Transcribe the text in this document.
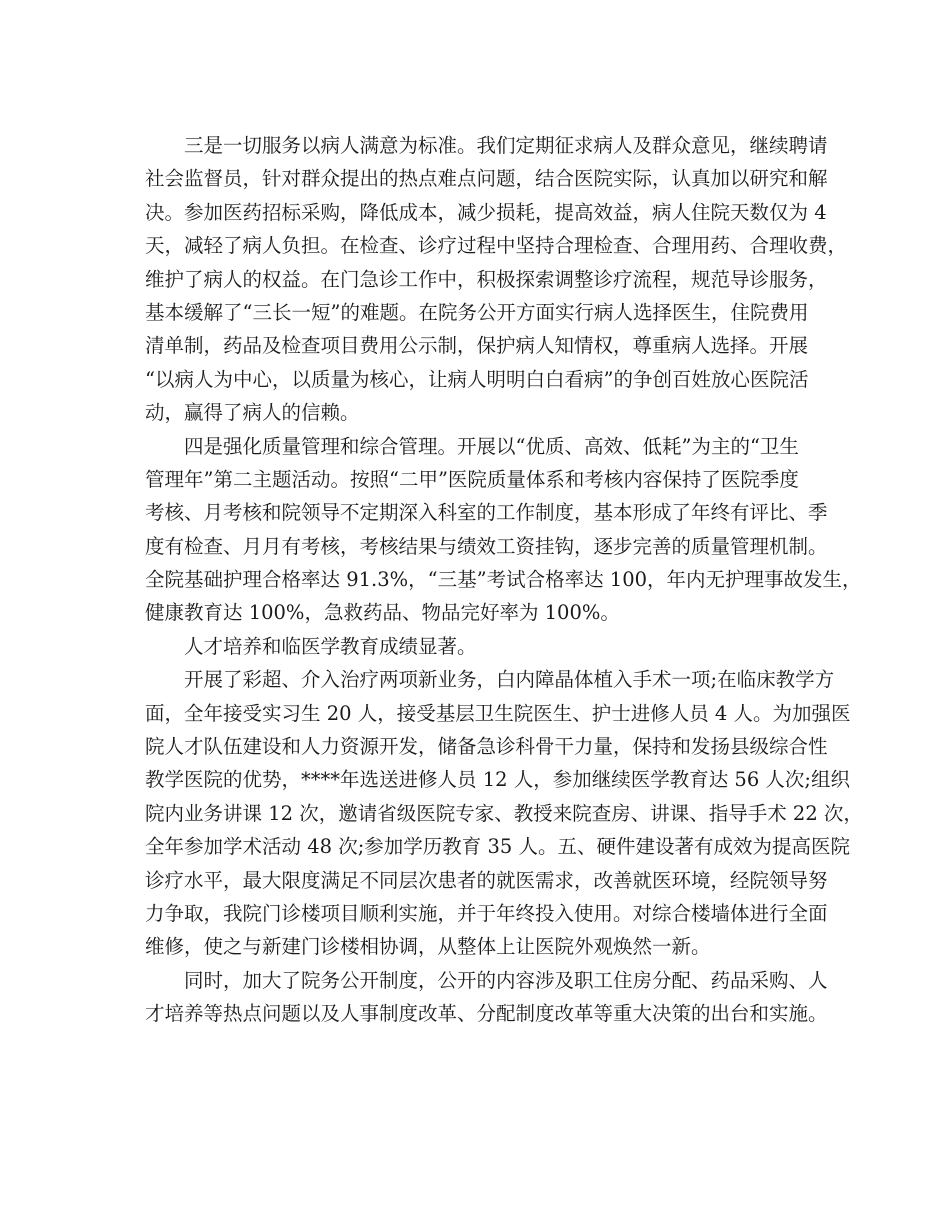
三是一切服务以病人满意为标准。我们定期征求病人及群众意见，继续聘请
社会监督员，针对群众提出的热点难点问题，结合医院实际，认真加以研究和解
决。参加医药招标采购，降低成本，减少损耗，提高效益，病人住院天数仅为 4
天，减轻了病人负担。在检查、诊疗过程中坚持合理检查、合理用药、合理收费，
维护了病人的权益。在门急诊工作中，积极探索调整诊疗流程，规范导诊服务，
基本缓解了“三长一短”的难题。在院务公开方面实行病人选择医生，住院费用
清单制，药品及检查项目费用公示制，保护病人知情权，尊重病人选择。开展
“以病人为中心，以质量为核心，让病人明明白白看病”的争创百姓放心医院活
动，赢得了病人的信赖。
四是强化质量管理和综合管理。开展以“优质、高效、低耗”为主的“卫生
管理年”第二主题活动。按照“二甲”医院质量体系和考核内容保持了医院季度
考核、月考核和院领导不定期深入科室的工作制度，基本形成了年终有评比、季
度有检查、月月有考核，考核结果与绩效工资挂钩，逐步完善的质量管理机制。
全院基础护理合格率达 91.3%，“三基”考试合格率达 100，年内无护理事故发生，
健康教育达 100%，急救药品、物品完好率为 100%。
人才培养和临医学教育成绩显著。
开展了彩超、介入治疗两项新业务，白内障晶体植入手术一项;在临床教学方
面，全年接受实习生 20 人，接受基层卫生院医生、护士进修人员 4 人。为加强医
院人才队伍建设和人力资源开发，储备急诊科骨干力量，保持和发扬县级综合性
教学医院的优势，****年选送进修人员 12 人，参加继续医学教育达 56 人次;组织
院内业务讲课 12 次，邀请省级医院专家、教授来院查房、讲课、指导手术 22 次，
全年参加学术活动 48 次;参加学历教育 35 人。五、硬件建设著有成效为提高医院
诊疗水平，最大限度满足不同层次患者的就医需求，改善就医环境，经院领导努
力争取，我院门诊楼项目顺利实施，并于年终投入使用。对综合楼墙体进行全面
维修，使之与新建门诊楼相协调，从整体上让医院外观焕然一新。
同时，加大了院务公开制度，公开的内容涉及职工住房分配、药品采购、人
才培养等热点问题以及人事制度改革、分配制度改革等重大决策的出台和实施。
